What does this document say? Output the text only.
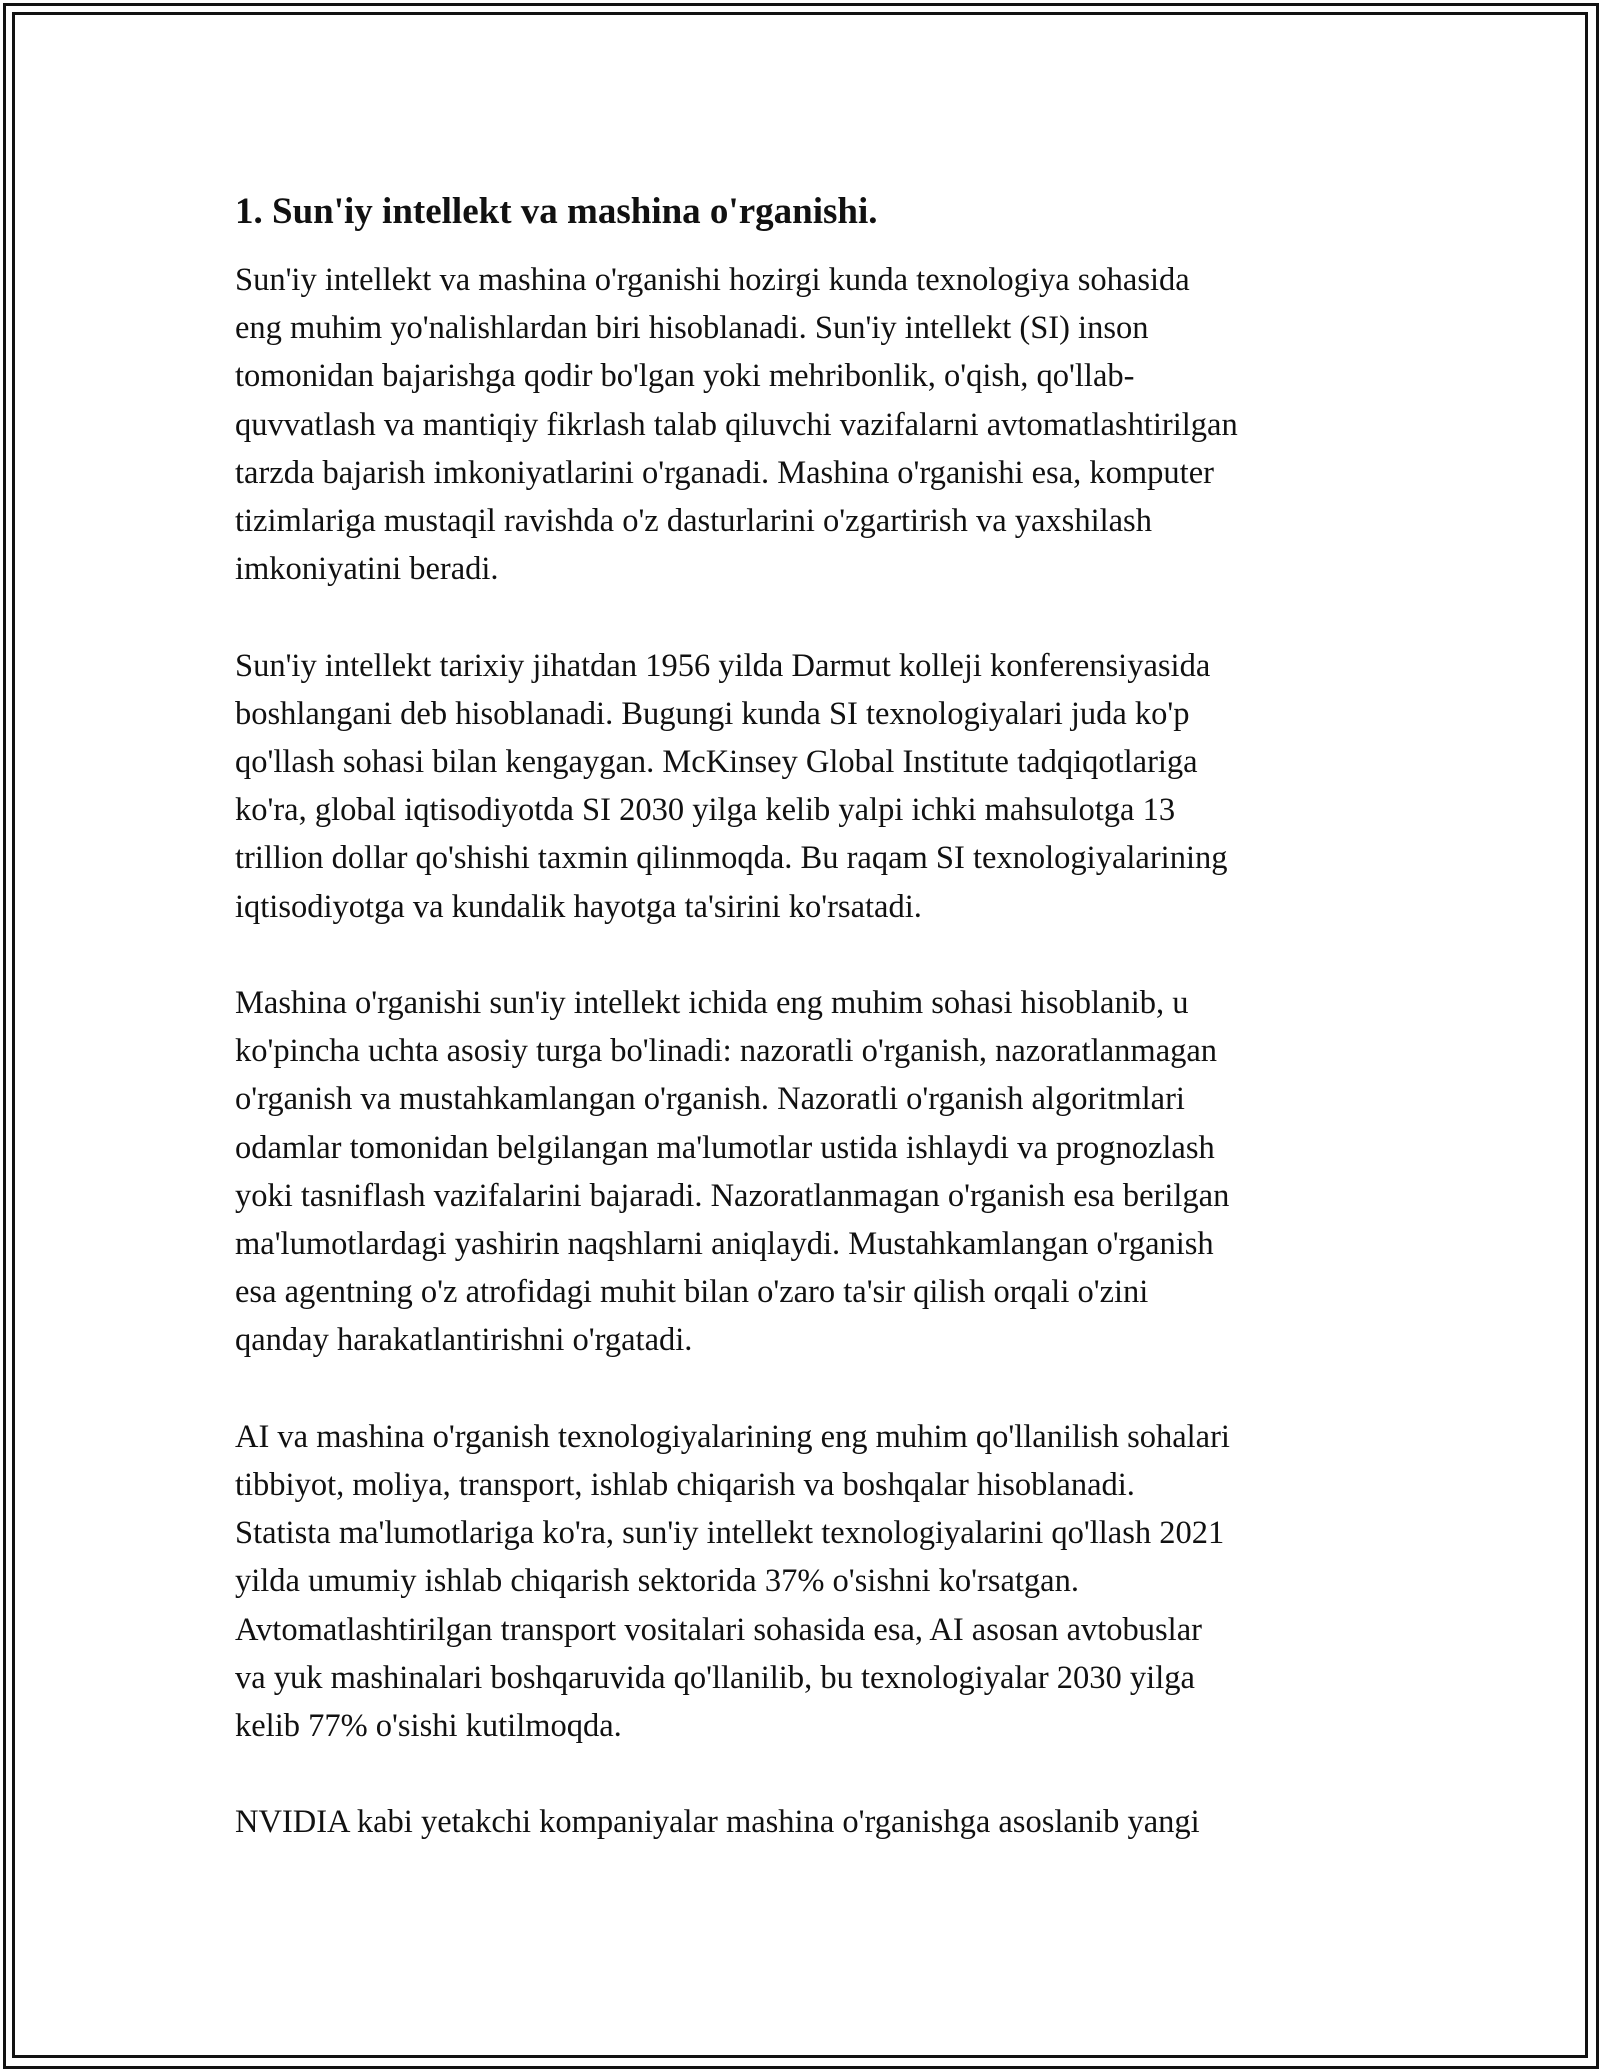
1. Sun'iy intellekt va mashina o'rganishi.
Sun'iy intellekt va mashina o'rganishi hozirgi kunda texnologiya sohasida
eng muhim yo'nalishlardan biri hisoblanadi. Sun'iy intellekt (SI) inson
tomonidan bajarishga qodir bo'lgan yoki mehribonlik, o'qish, qo'llab-
quvvatlash va mantiqiy fikrlash talab qiluvchi vazifalarni avtomatlashtirilgan
tarzda bajarish imkoniyatlarini o'rganadi. Mashina o'rganishi esa, komputer
tizimlariga mustaqil ravishda o'z dasturlarini o'zgartirish va yaxshilash
imkoniyatini beradi.
Sun'iy intellekt tarixiy jihatdan 1956 yilda Darmut kolleji konferensiyasida
boshlangani deb hisoblanadi. Bugungi kunda SI texnologiyalari juda ko'p
qo'llash sohasi bilan kengaygan. McKinsey Global Institute tadqiqotlariga
ko'ra, global iqtisodiyotda SI 2030 yilga kelib yalpi ichki mahsulotga 13
trillion dollar qo'shishi taxmin qilinmoqda. Bu raqam SI texnologiyalarining
iqtisodiyotga va kundalik hayotga ta'sirini ko'rsatadi.
Mashina o'rganishi sun'iy intellekt ichida eng muhim sohasi hisoblanib, u
ko'pincha uchta asosiy turga bo'linadi: nazoratli o'rganish, nazoratlanmagan
o'rganish va mustahkamlangan o'rganish. Nazoratli o'rganish algoritmlari
odamlar tomonidan belgilangan ma'lumotlar ustida ishlaydi va prognozlash
yoki tasniflash vazifalarini bajaradi. Nazoratlanmagan o'rganish esa berilgan
ma'lumotlardagi yashirin naqshlarni aniqlaydi. Mustahkamlangan o'rganish
esa agentning o'z atrofidagi muhit bilan o'zaro ta'sir qilish orqali o'zini
qanday harakatlantirishni o'rgatadi.
AI va mashina o'rganish texnologiyalarining eng muhim qo'llanilish sohalari
tibbiyot, moliya, transport, ishlab chiqarish va boshqalar hisoblanadi.
Statista ma'lumotlariga ko'ra, sun'iy intellekt texnologiyalarini qo'llash 2021
yilda umumiy ishlab chiqarish sektorida 37% o'sishni ko'rsatgan.
Avtomatlashtirilgan transport vositalari sohasida esa, AI asosan avtobuslar
va yuk mashinalari boshqaruvida qo'llanilib, bu texnologiyalar 2030 yilga
kelib 77% o'sishi kutilmoqda.
NVIDIA kabi yetakchi kompaniyalar mashina o'rganishga asoslanib yangi
